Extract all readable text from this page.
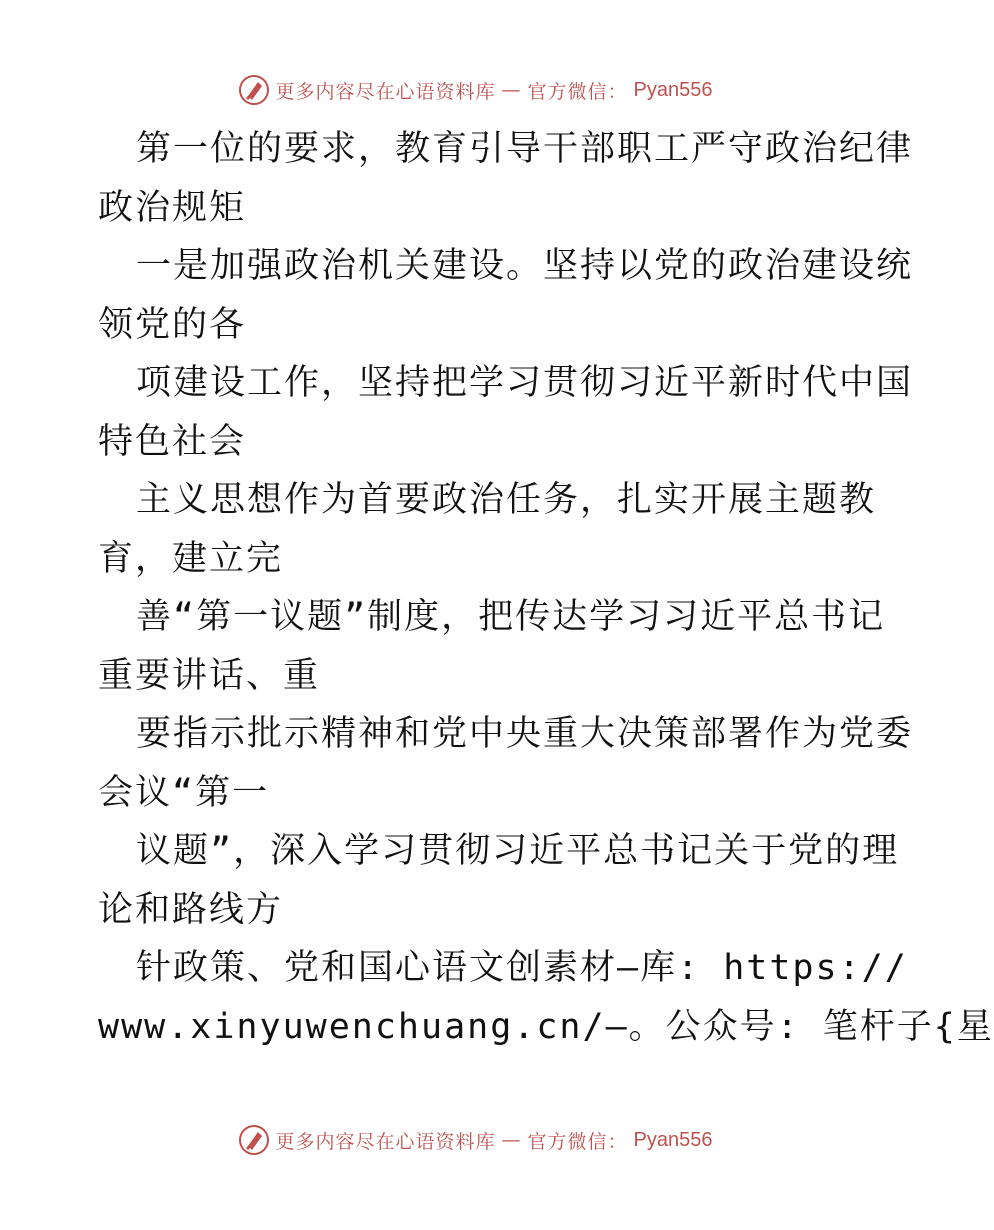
更多内容尽在心语资料库 — 官方微信： Pyan556
第一位的要求，教育引导干部职工严守政治纪律
政治规矩
一是加强政治机关建设。坚持以党的政治建设统
领党的各
项建设工作，坚持把学习贯彻习近平新时代中国
特色社会
主义思想作为首要政治任务，扎实开展主题教
育，建立完
善“第一议题”制度，把传达学习习近平总书记
重要讲话、重
要指示批示精神和党中央重大决策部署作为党委
会议“第一
议题”，深入学习贯彻习近平总书记关于党的理
论和路线方
针政策、党和国心语文创素材—库: https://
www.xinyuwenchuang.cn/—。公众号: 笔杆子{星
更多内容尽在心语资料库 — 官方微信： Pyan556
